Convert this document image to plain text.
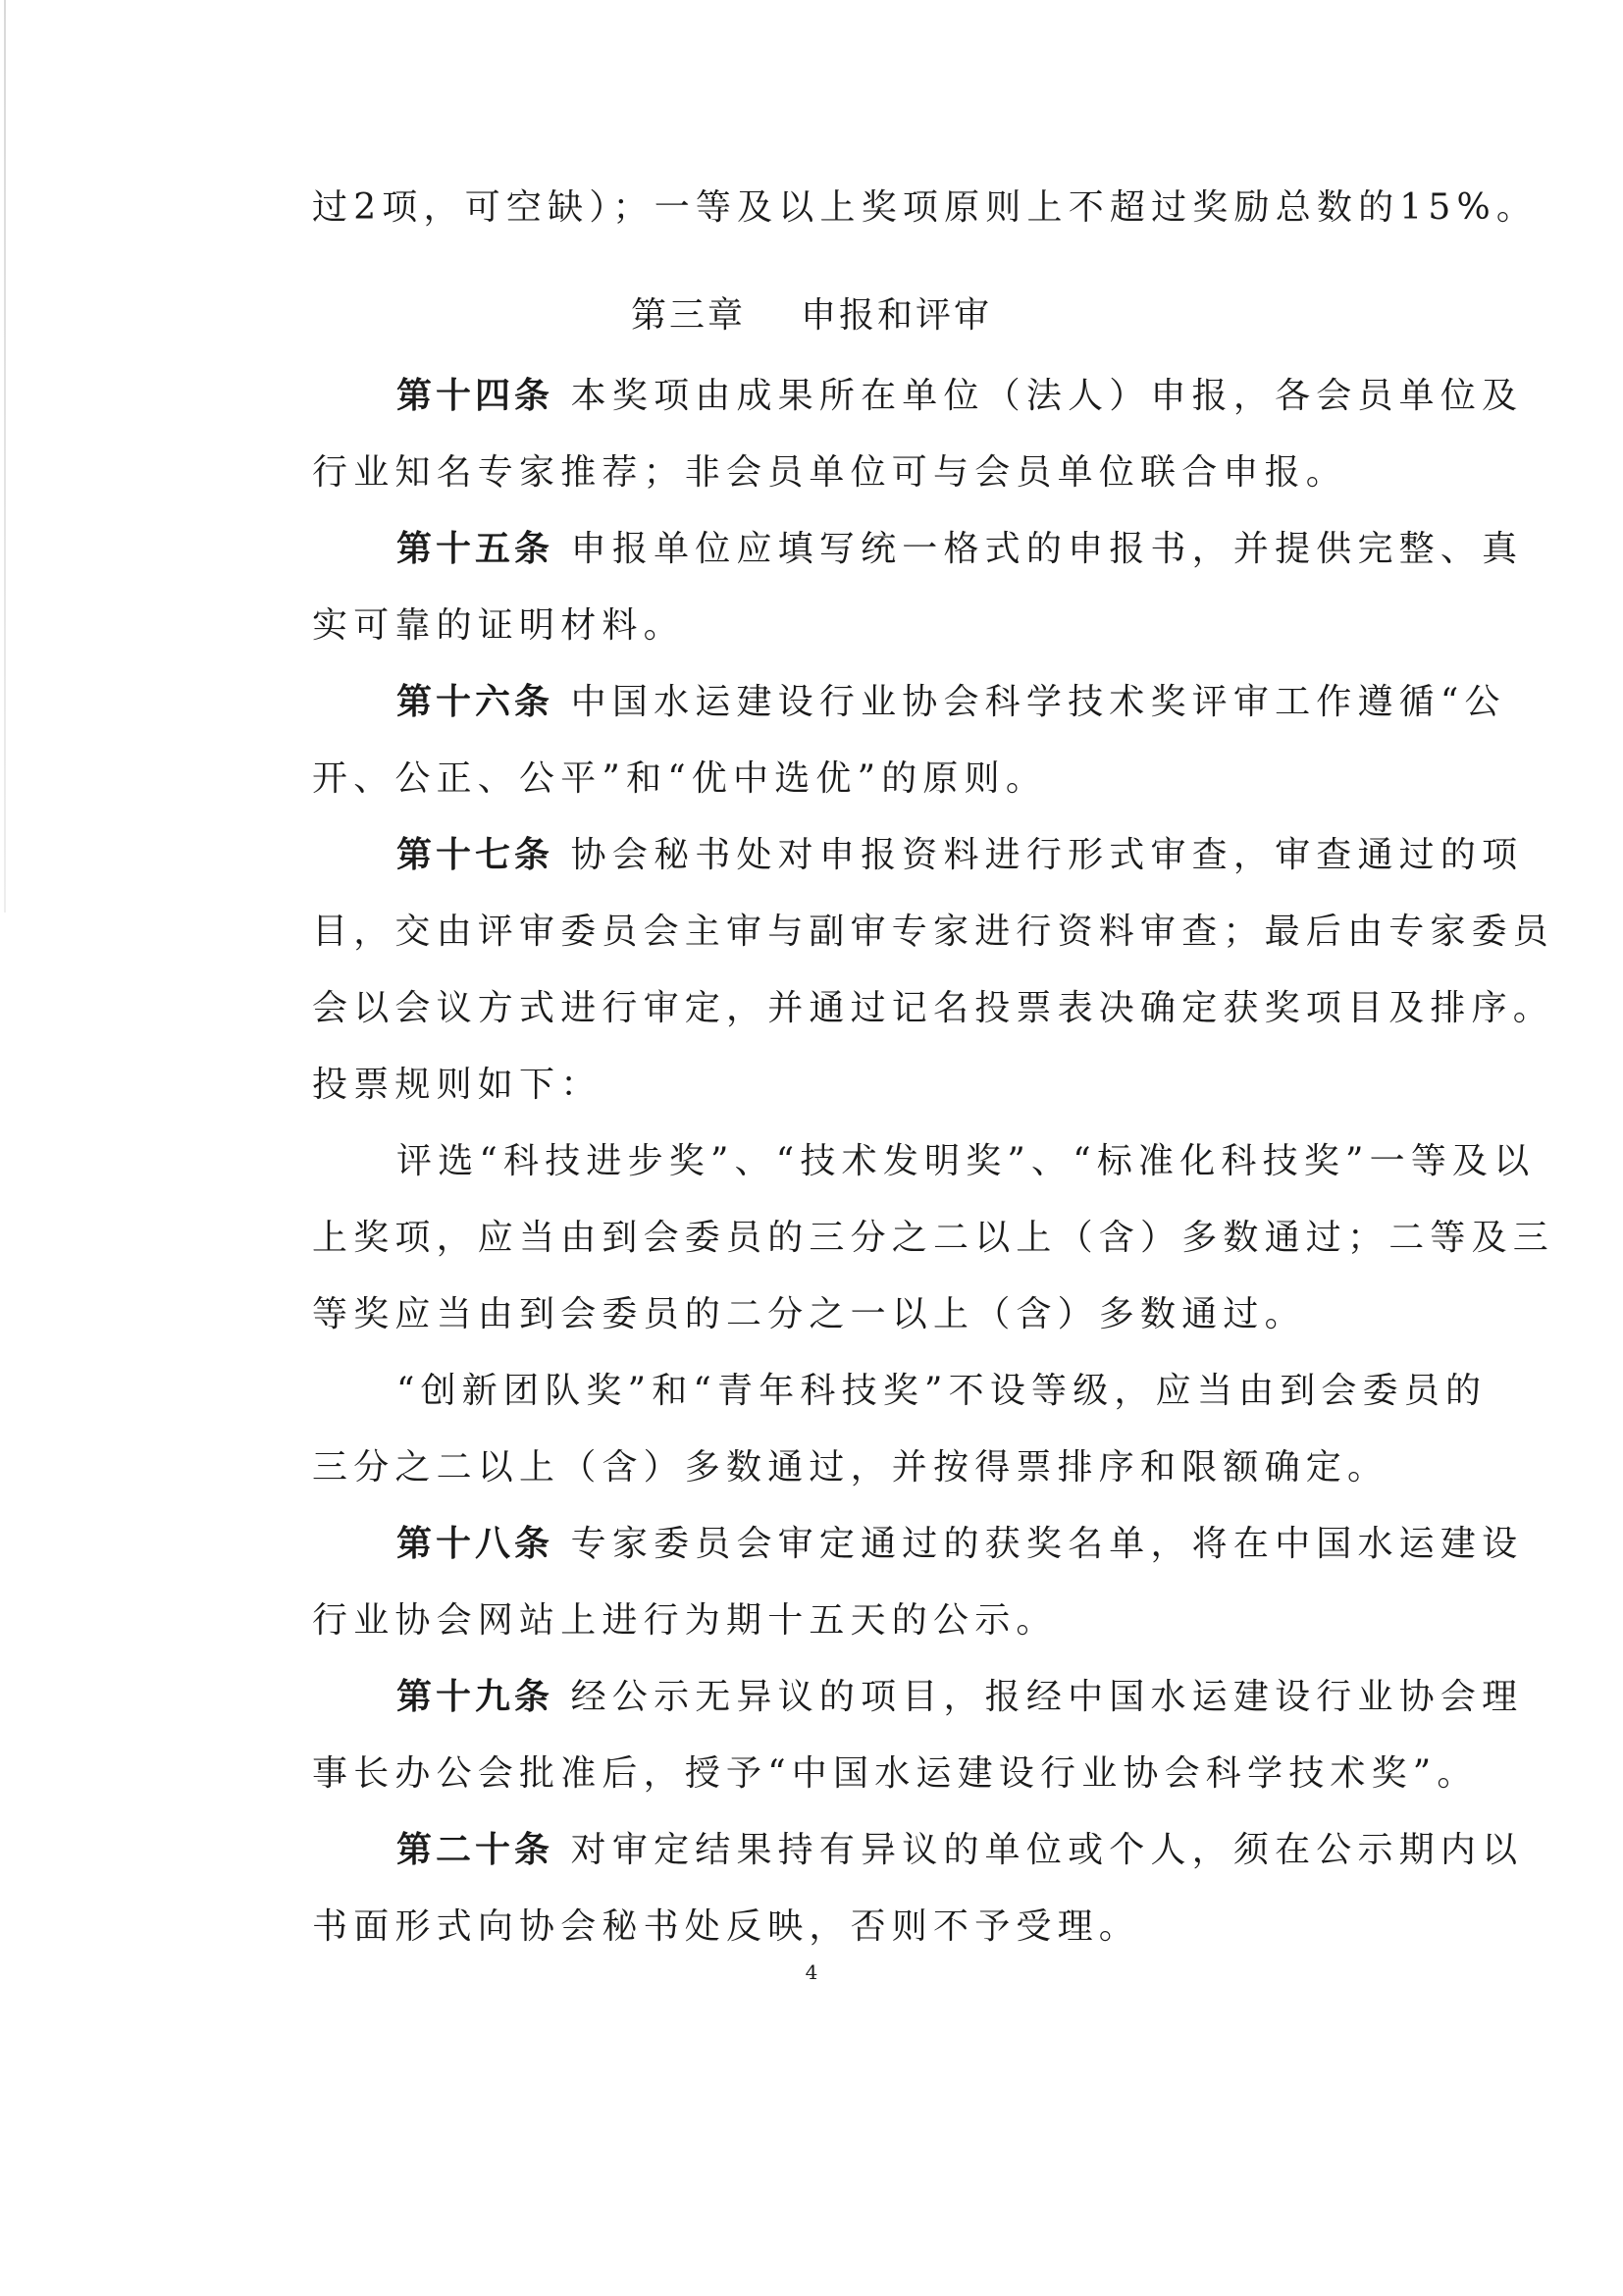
过2项，可空缺）；一等及以上奖项原则上不超过奖励总数的15%。
第三章 申报和评审
第十四条 本奖项由成果所在单位（法人）申报，各会员单位及
行业知名专家推荐；非会员单位可与会员单位联合申报。
第十五条 申报单位应填写统一格式的申报书，并提供完整、真
实可靠的证明材料。
第十六条 中国水运建设行业协会科学技术奖评审工作遵循“公
开、公正、公平”和“优中选优”的原则。
第十七条 协会秘书处对申报资料进行形式审查，审查通过的项
目，交由评审委员会主审与副审专家进行资料审查；最后由专家委员
会以会议方式进行审定，并通过记名投票表决确定获奖项目及排序。
投票规则如下：
评选“科技进步奖”、“技术发明奖”、“标准化科技奖”一等及以
上奖项，应当由到会委员的三分之二以上（含）多数通过；二等及三
等奖应当由到会委员的二分之一以上（含）多数通过。
“创新团队奖”和“青年科技奖”不设等级，应当由到会委员的
三分之二以上（含）多数通过，并按得票排序和限额确定。
第十八条 专家委员会审定通过的获奖名单，将在中国水运建设
行业协会网站上进行为期十五天的公示。
第十九条 经公示无异议的项目，报经中国水运建设行业协会理
事长办公会批准后，授予“中国水运建设行业协会科学技术奖”。
第二十条 对审定结果持有异议的单位或个人，须在公示期内以
书面形式向协会秘书处反映，否则不予受理。
4
